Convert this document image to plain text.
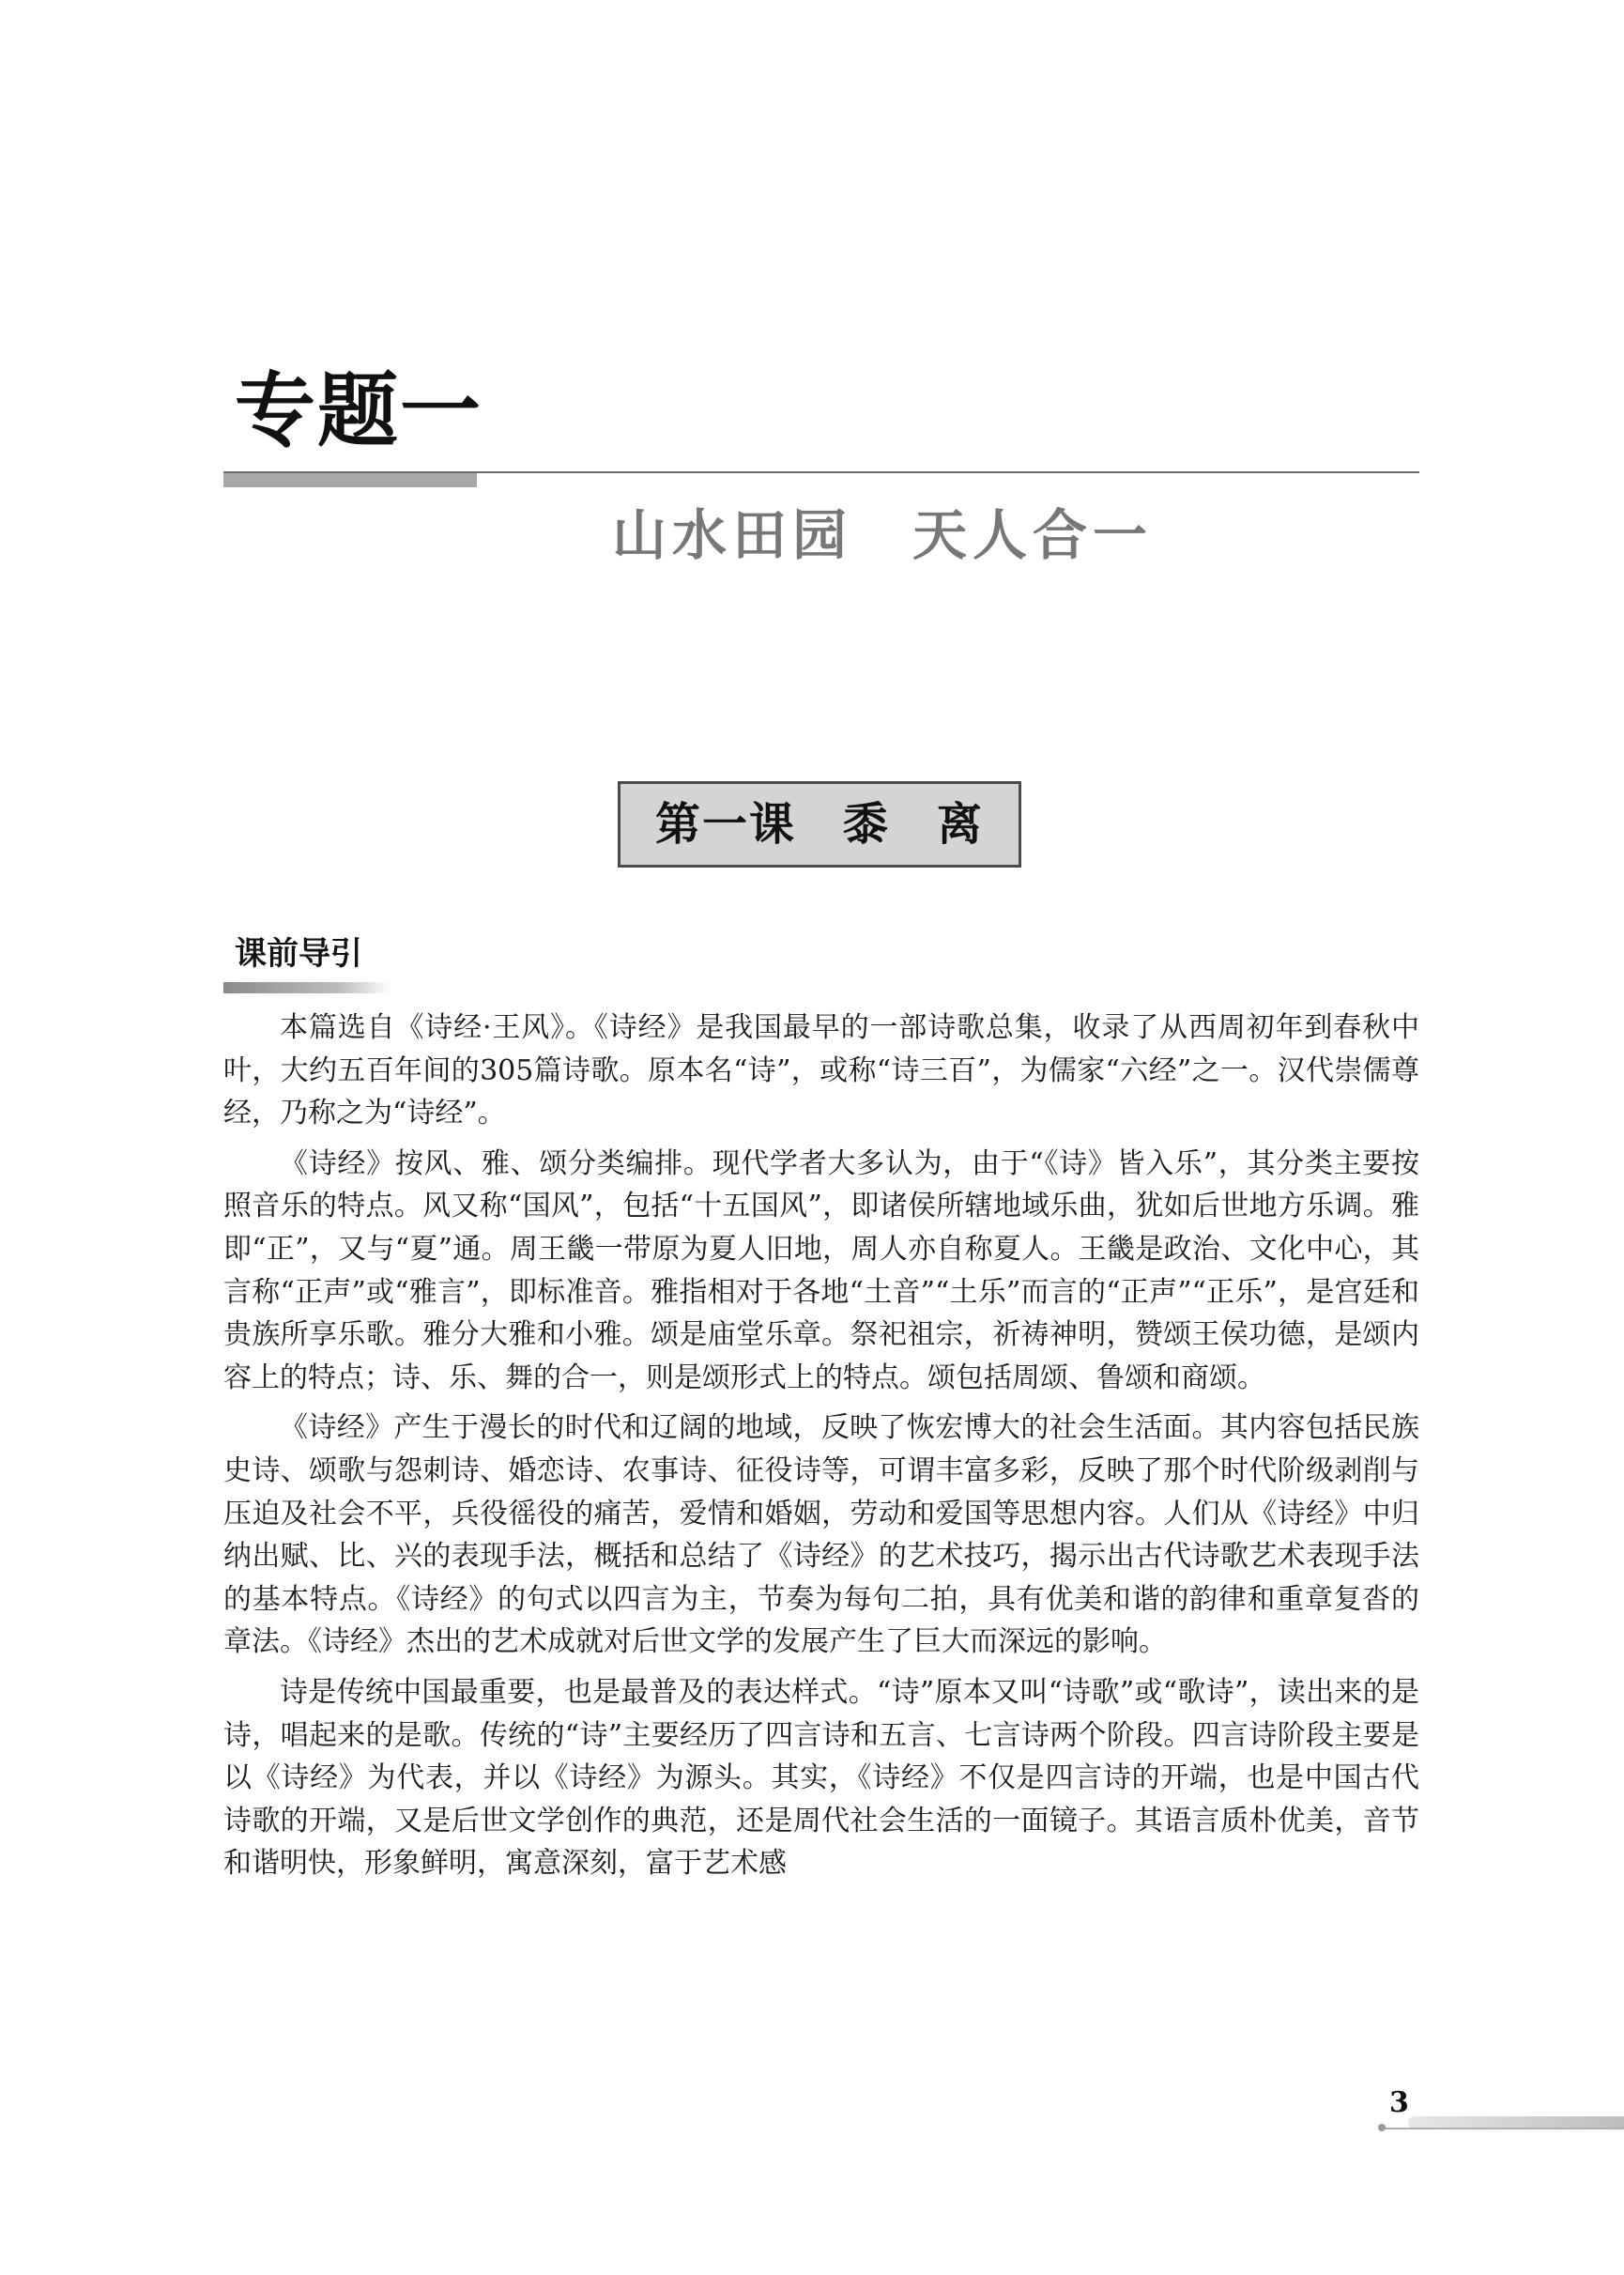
专题一
山水田园　天人合一
第一课　黍　离
课前导引

本篇选自《诗经·王风》。《诗经》是我国最早的一部诗歌总集，收录了从西周初年到春秋中叶，大约五百年间的305篇诗歌。原本名“诗”，或称“诗三百”，为儒家“六经”之一。汉代崇儒尊经，乃称之为“诗经”。

《诗经》按风、雅、颂分类编排。现代学者大多认为，由于“《诗》皆入乐”，其分类主要按照音乐的特点。风又称“国风”，包括“十五国风”，即诸侯所辖地域乐曲，犹如后世地方乐调。雅即“正”，又与“夏”通。周王畿一带原为夏人旧地，周人亦自称夏人。王畿是政治、文化中心，其言称“正声”或“雅言”，即标准音。雅指相对于各地“土音”“土乐”而言的“正声”“正乐”，是宫廷和贵族所享乐歌。雅分大雅和小雅。颂是庙堂乐章。祭祀祖宗，祈祷神明，赞颂王侯功德，是颂内容上的特点；诗、乐、舞的合一，则是颂形式上的特点。颂包括周颂、鲁颂和商颂。

《诗经》产生于漫长的时代和辽阔的地域，反映了恢宏博大的社会生活面。其内容包括民族史诗、颂歌与怨刺诗、婚恋诗、农事诗、征役诗等，可谓丰富多彩，反映了那个时代阶级剥削与压迫及社会不平，兵役徭役的痛苦，爱情和婚姻，劳动和爱国等思想内容。人们从《诗经》中归纳出赋、比、兴的表现手法，概括和总结了《诗经》的艺术技巧，揭示出古代诗歌艺术表现手法的基本特点。《诗经》的句式以四言为主，节奏为每句二拍，具有优美和谐的韵律和重章复沓的章法。《诗经》杰出的艺术成就对后世文学的发展产生了巨大而深远的影响。

诗是传统中国最重要，也是最普及的表达样式。“诗”原本又叫“诗歌”或“歌诗”，读出来的是诗，唱起来的是歌。传统的“诗”主要经历了四言诗和五言、七言诗两个阶段。四言诗阶段主要是以《诗经》为代表，并以《诗经》为源头。其实，《诗经》不仅是四言诗的开端，也是中国古代诗歌的开端，又是后世文学创作的典范，还是周代社会生活的一面镜子。其语言质朴优美，音节和谐明快，形象鲜明，寓意深刻，富于艺术感

3
